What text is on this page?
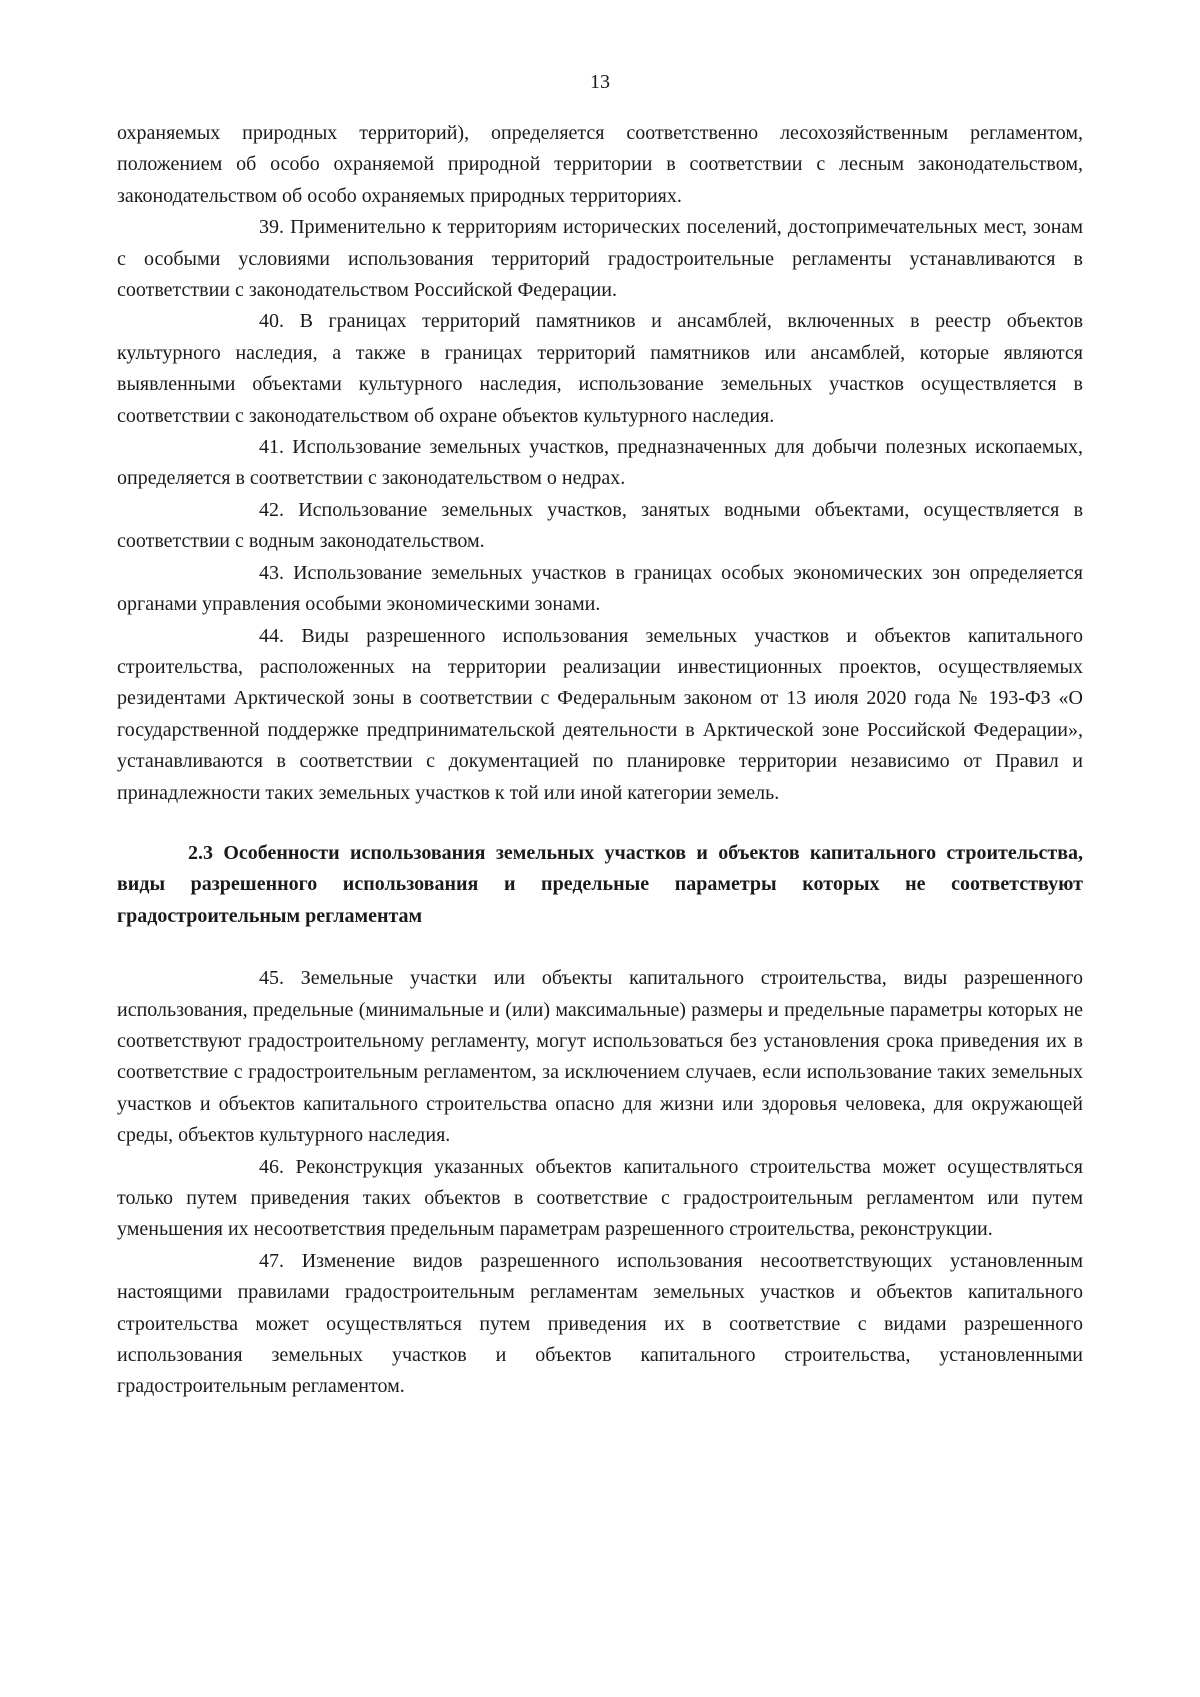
13

охраняемых природных территорий), определяется соответственно лесохозяйственным регламентом, положением об особо охраняемой природной территории в соответствии с лесным законодательством, законодательством об особо охраняемых природных территориях.

39. Применительно к территориям исторических поселений, достопримечательных мест, зонам с особыми условиями использования территорий градостроительные регламенты устанавливаются в соответствии с законодательством Российской Федерации.

40. В границах территорий памятников и ансамблей, включенных в реестр объектов культурного наследия, а также в границах территорий памятников или ансамблей, которые являются выявленными объектами культурного наследия, использование земельных участков осуществляется в соответствии с законодательством об охране объектов культурного наследия.

41. Использование земельных участков, предназначенных для добычи полезных ископаемых, определяется в соответствии с законодательством о недрах.

42. Использование земельных участков, занятых водными объектами, осуществляется в соответствии с водным законодательством.

43. Использование земельных участков в границах особых экономических зон определяется органами управления особыми экономическими зонами.

44. Виды разрешенного использования земельных участков и объектов капитального строительства, расположенных на территории реализации инвестиционных проектов, осуществляемых резидентами Арктической зоны в соответствии с Федеральным законом от 13 июля 2020 года № 193-ФЗ «О государственной поддержке предпринимательской деятельности в Арктической зоне Российской Федерации», устанавливаются в соответствии с документацией по планировке территории независимо от Правил и принадлежности таких земельных участков к той или иной категории земель.

2.3 Особенности использования земельных участков и объектов капитального строительства, виды разрешенного использования и предельные параметры которых не соответствуют градостроительным регламентам

45. Земельные участки или объекты капитального строительства, виды разрешенного использования, предельные (минимальные и (или) максимальные) размеры и предельные параметры которых не соответствуют градостроительному регламенту, могут использоваться без установления срока приведения их в соответствие с градостроительным регламентом, за исключением случаев, если использование таких земельных участков и объектов капитального строительства опасно для жизни или здоровья человека, для окружающей среды, объектов культурного наследия.

46. Реконструкция указанных объектов капитального строительства может осуществляться только путем приведения таких объектов в соответствие с градостроительным регламентом или путем уменьшения их несоответствия предельным параметрам разрешенного строительства, реконструкции.

47. Изменение видов разрешенного использования несоответствующих установленным настоящими правилами градостроительным регламентам земельных участков и объектов капитального строительства может осуществляться путем приведения их в соответствие с видами разрешенного использования земельных участков и объектов капитального строительства, установленными градостроительным регламентом.
